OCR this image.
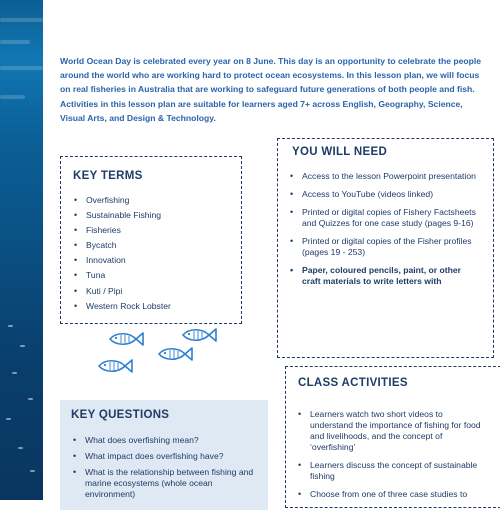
World Ocean Day is celebrated every year on 8 June. This day is an opportunity to celebrate the people around the world who are working hard to protect ocean ecosystems. In this lesson plan, we will focus on real fisheries in Australia that are working to safeguard future generations of both people and fish. Activities in this lesson plan are suitable for learners aged 7+ across English, Geography, Science, Visual Arts, and Design & Technology.

KEY TERMS
• Overfishing
• Sustainable Fishing
• Fisheries
• Bycatch
• Innovation
• Tuna
• Kuti / Pipi
• Western Rock Lobster
YOU WILL NEED
• Access to the lesson Powerpoint presentation
• Access to YouTube (videos linked)
• Printed or digital copies of Fishery Factsheets and Quizzes for one case study (pages 9-16)
• Printed or digital copies of the Fisher profiles (pages 19 - 253)
• Paper, coloured pencils, paint, or other craft materials to write letters with
CLASS ACTIVITIES
• Learners watch two short videos to understand the importance of fishing for food and livelihoods, and the concept of ‘overfishing’
• Learners discuss the concept of sustainable fishing
• Choose from one of three case studies to
KEY QUESTIONS
• What does overfishing mean?
• What impact does overfishing have?
• What is the relationship between fishing and marine ecosystems (whole ocean environment)
